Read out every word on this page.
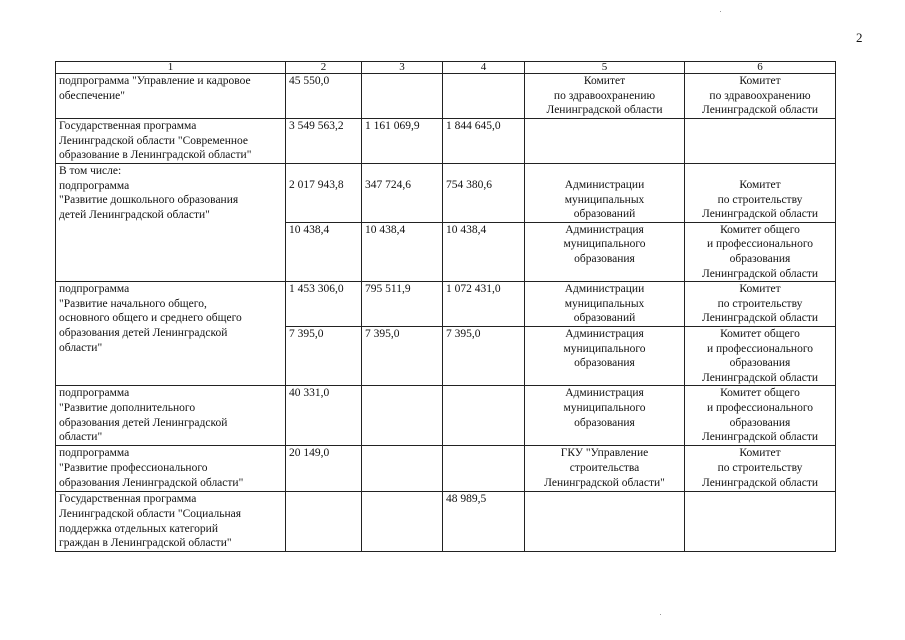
2
1	2	3	4	5	6
подпрограмма "Управление и кадровое
обеспечение"	45 550,0			Комитет
по здравоохранению
Ленинградской области	Комитет
по здравоохранению
Ленинградской области
Государственная программа
Ленинградской области "Современное
образование в Ленинградской области"	3 549 563,2	1 161 069,9	1 844 645,0		
В том числе:
подпрограмма
"Развитие дошкольного образования
детей Ленинградской области"	2 017 943,8	347 724,6	754 380,6	Администрации
муниципальных
образований	Комитет
по строительству
Ленинградской области
	10 438,4	10 438,4	10 438,4	Администрация
муниципального
образования	Комитет общего
и профессионального
образования
Ленинградской области
подпрограмма
"Развитие начального общего,
основного общего и среднего общего
образования детей Ленинградской
области"	1 453 306,0	795 511,9	1 072 431,0	Администрации
муниципальных
образований	Комитет
по строительству
Ленинградской области
	7 395,0	7 395,0	7 395,0	Администрация
муниципального
образования	Комитет общего
и профессионального
образования
Ленинградской области
подпрограмма
"Развитие дополнительного
образования детей Ленинградской
области"	40 331,0			Администрация
муниципального
образования	Комитет общего
и профессионального
образования
Ленинградской области
подпрограмма
"Развитие профессионального
образования Ленинградской области"	20 149,0			ГКУ "Управление
строительства
Ленинградской области"	Комитет
по строительству
Ленинградской области
Государственная программа
Ленинградской области "Социальная
поддержка отдельных категорий
граждан в Ленинградской области"			48 989,5		
